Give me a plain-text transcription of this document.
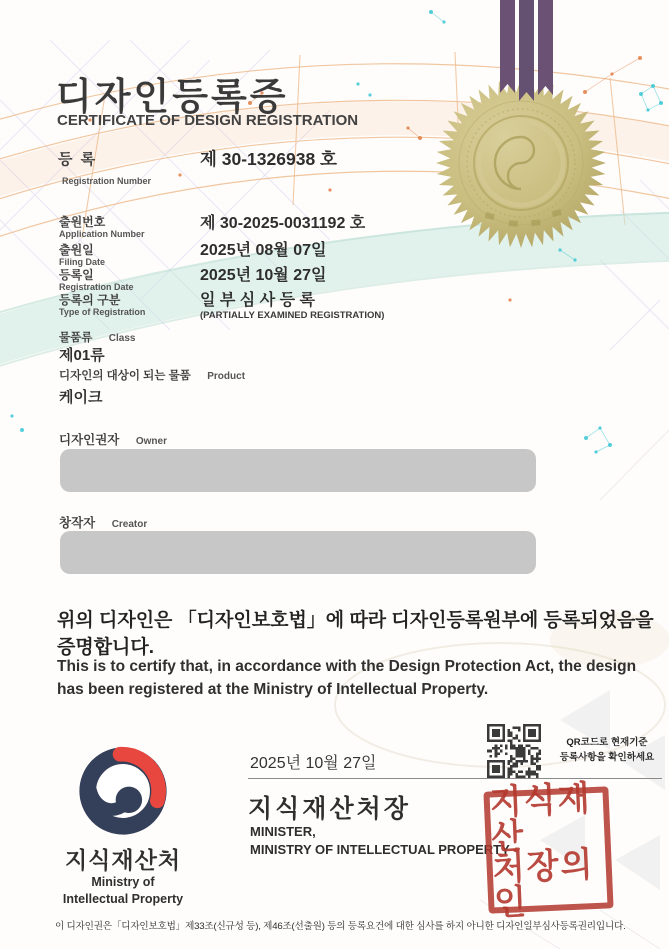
디자인등록증
CERTIFICATE OF DESIGN REGISTRATION
등 록
Registration Number
제 30-1326938 호
출원번호
Application Number
제 30-2025-0031192 호
출원일
Filing Date
2025년 08월 07일
등록일
Registration Date
2025년 10월 27일
등록의 구분
Type of Registration
일 부 심 사 등 록
(PARTIALLY EXAMINED REGISTRATION)
물품류 Class
제01류
디자인의 대상이 되는 물품 Product
케이크
디자인권자 Owner
창작자 Creator
위의 디자인은 「디자인보호법」에 따라 디자인등록원부에 등록되었음을
증명합니다.
This is to certify that, in accordance with the Design Protection Act, the design
has been registered at the Ministry of Intellectual Property.
지식재산처
Ministry of
Intellectual Property
2025년 10월 27일
지식재산처장
MINISTER,
MINISTRY OF INTELLECTUAL PROPERTY
QR코드로 현재기준
등록사항을 확인하세요
지식재산
처장의인
이 디자인권은「디자인보호법」제33조(신규성 등), 제46조(선출원) 등의 등록요건에 대한 심사를 하지 아니한 디자인일부심사등록권리입니다.
